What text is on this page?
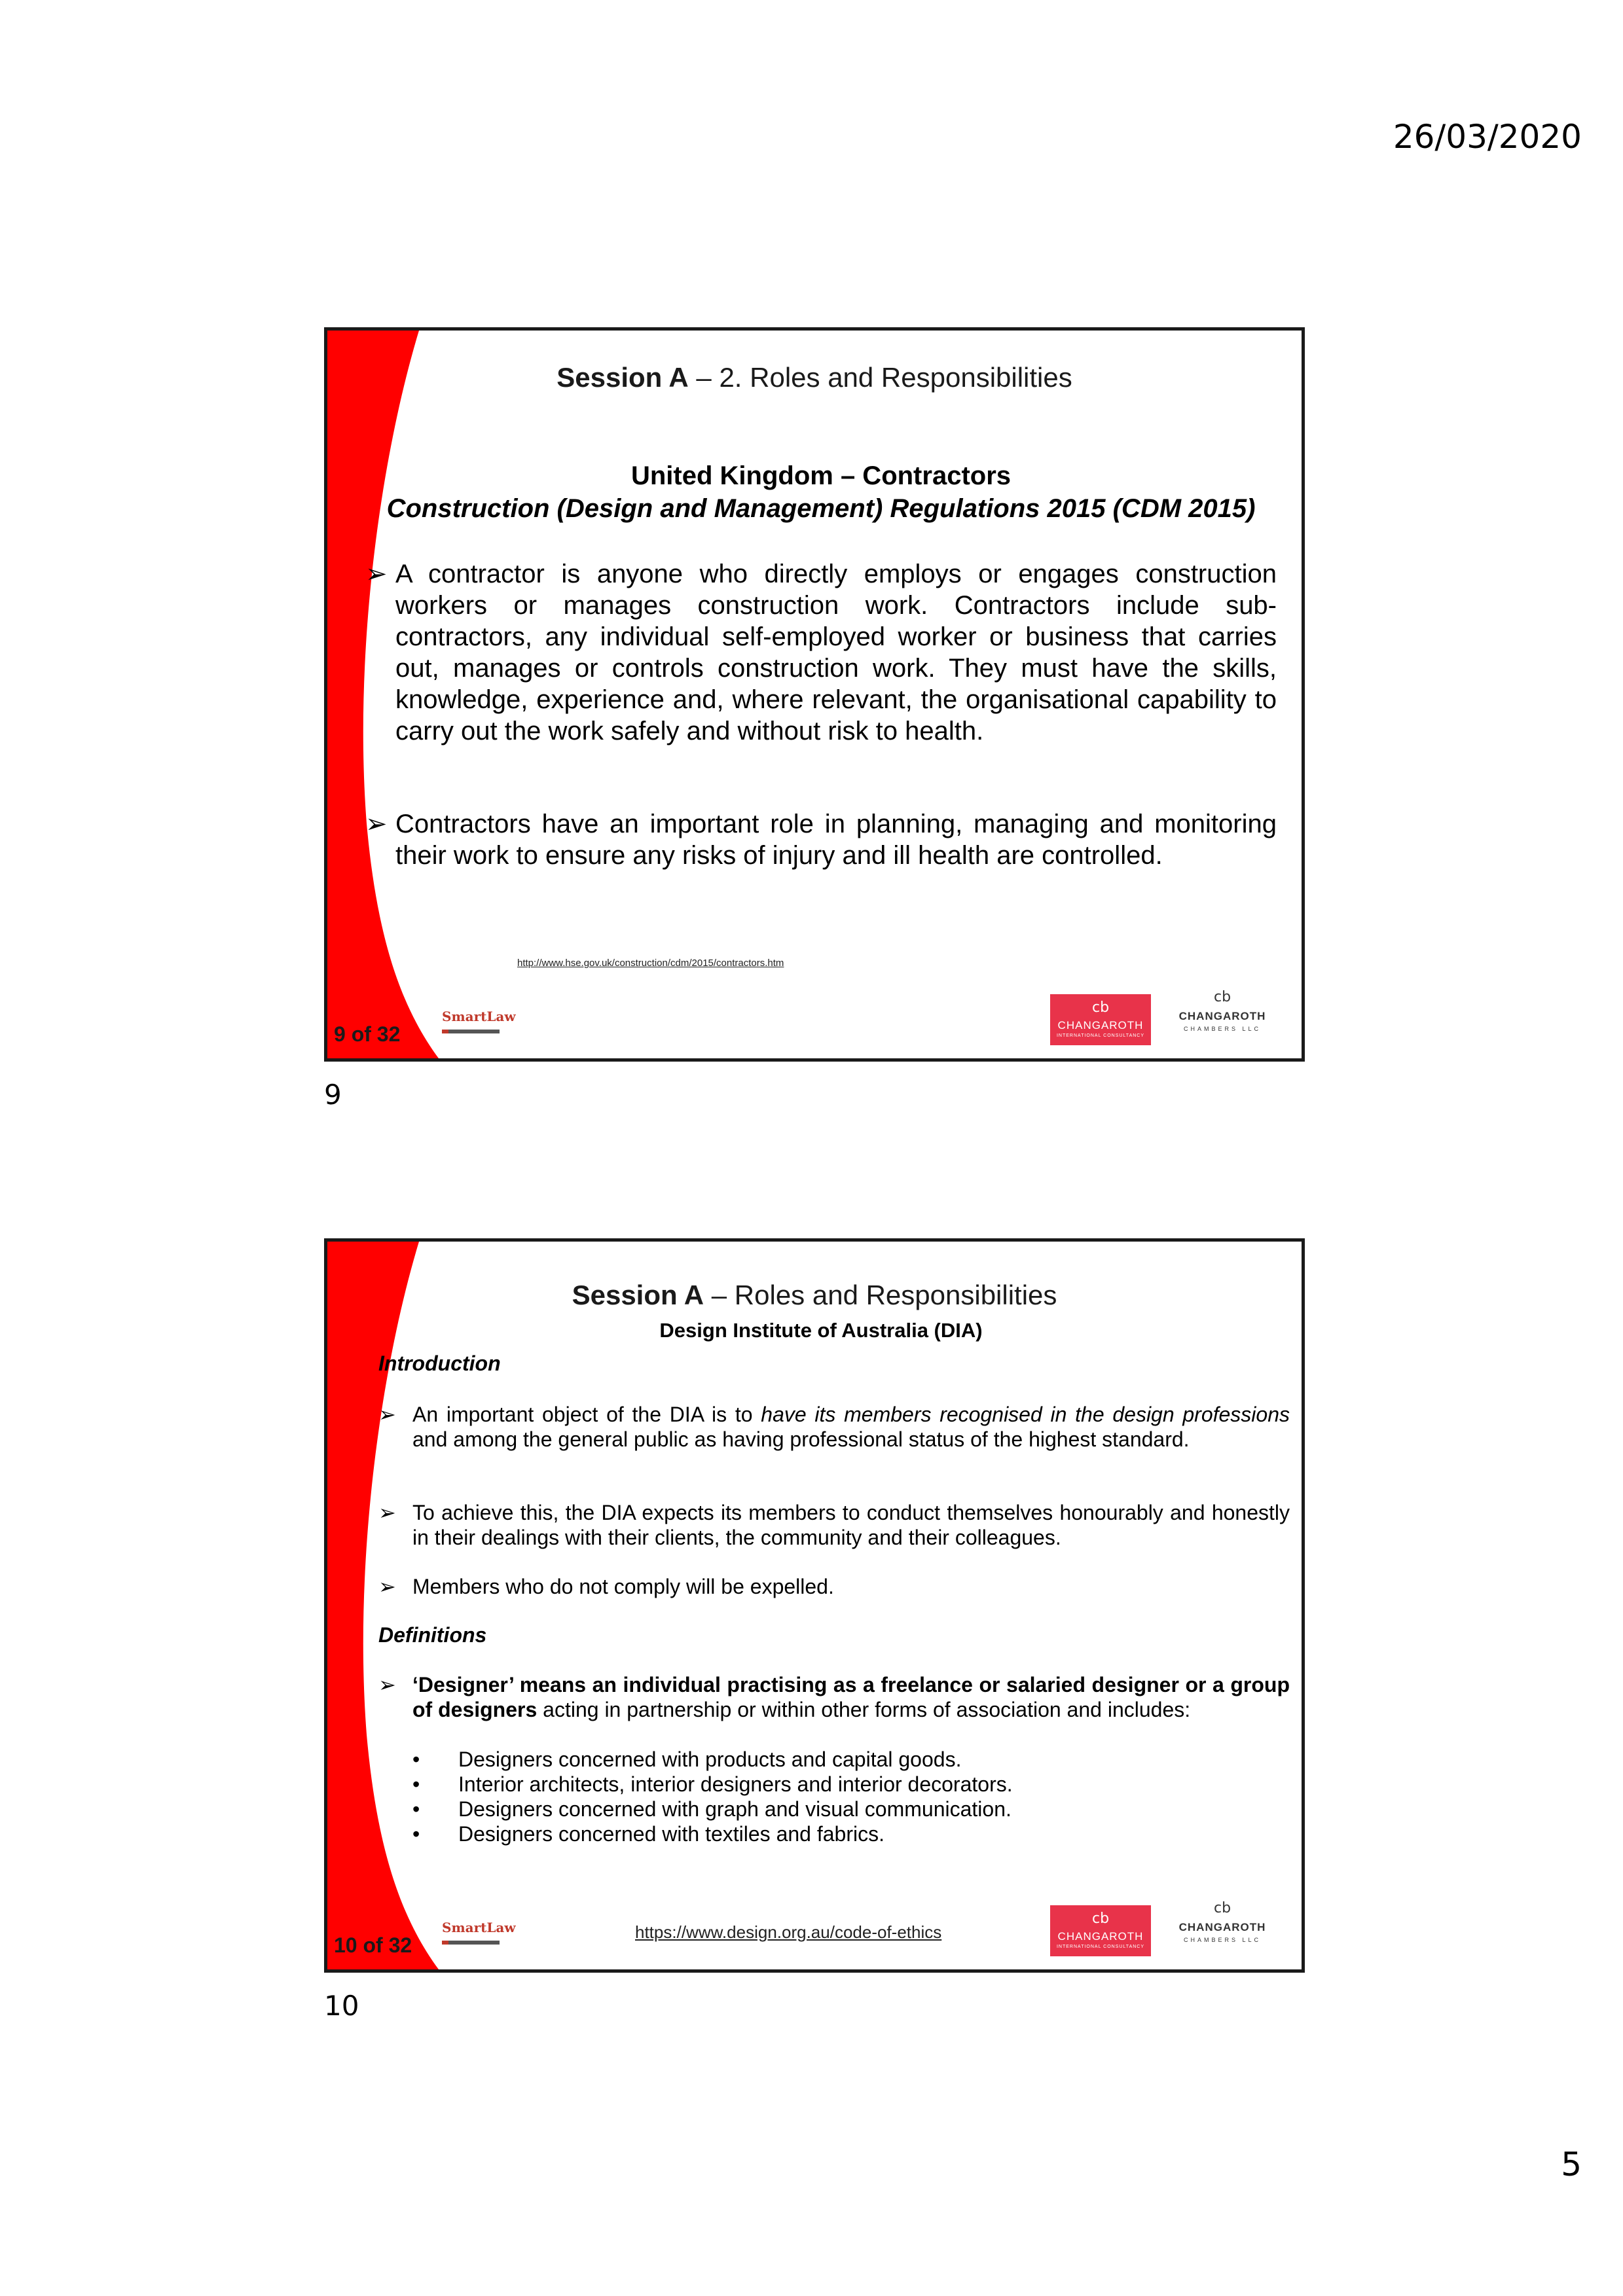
26/03/2020
Session A – 2. Roles and Responsibilities
United Kingdom – Contractors
Construction (Design and Management) Regulations 2015 (CDM 2015)
➢ A contractor is anyone who directly employs or engages construction workers or manages construction work. Contractors include sub-contractors, any individual self-employed worker or business that carries out, manages or controls construction work. They must have the skills, knowledge, experience and, where relevant, the organisational capability to carry out the work safely and without risk to health.
➢ Contractors have an important role in planning, managing and monitoring their work to ensure any risks of injury and ill health are controlled.
http://www.hse.gov.uk/construction/cdm/2015/contractors.htm
9 of 32
SmartLaw
cb
CHANGAROTH
INTERNATIONAL CONSULTANCY
cb
CHANGAROTH
CHAMBERS LLC
9
Session A – Roles and Responsibilities
Design Institute of Australia (DIA)
Introduction
➢ An important object of the DIA is to have its members recognised in the design professions and among the general public as having professional status of the highest standard.
➢ To achieve this, the DIA expects its members to conduct themselves honourably and honestly in their dealings with their clients, the community and their colleagues.
➢ Members who do not comply will be expelled.
Definitions
➢ ‘Designer’ means an individual practising as a freelance or salaried designer or a group of designers acting in partnership or within other forms of association and includes:
•	Designers concerned with products and capital goods.
•	Interior architects, interior designers and interior decorators.
•	Designers concerned with graph and visual communication.
•	Designers concerned with textiles and fabrics.
https://www.design.org.au/code-of-ethics
10 of 32
SmartLaw
cb
CHANGAROTH
INTERNATIONAL CONSULTANCY
cb
CHANGAROTH
CHAMBERS LLC
10
5
